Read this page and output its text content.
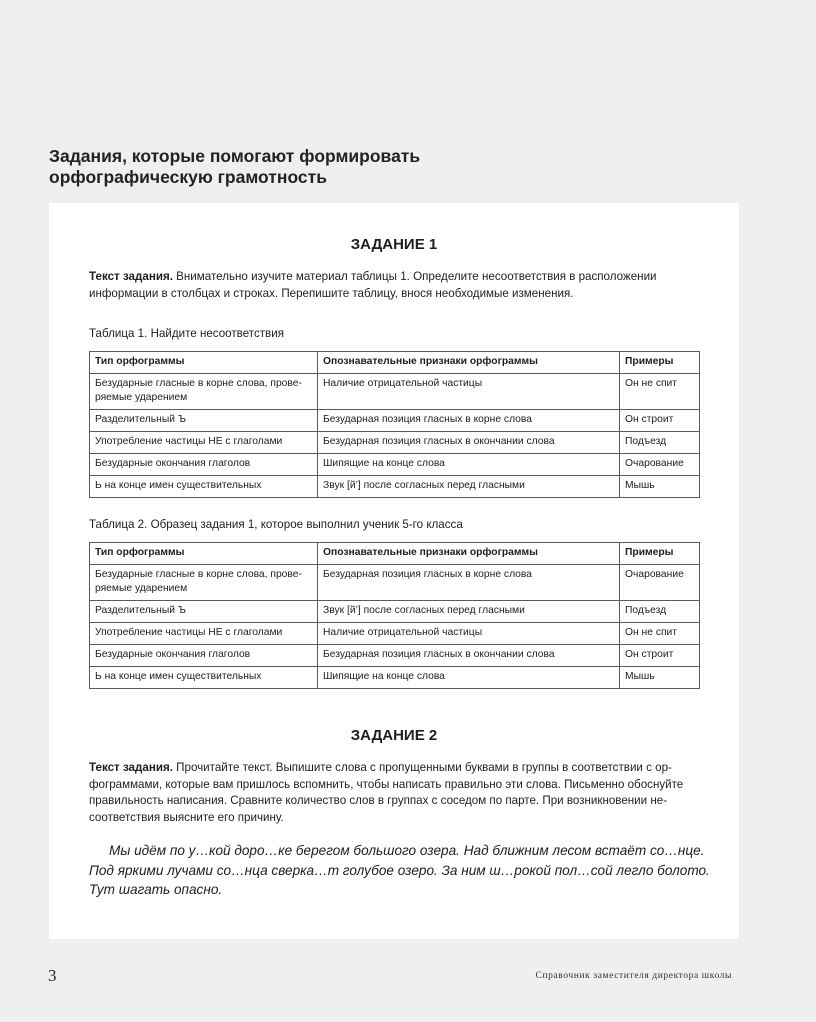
Задания, которые помогают формировать
орфографическую грамотность
ЗАДАНИЕ 1
Текст задания. Внимательно изучите материал таблицы 1. Определите несоответствия в расположении
информации в столбцах и строках. Перепишите таблицу, внося необходимые изменения.
Таблица 1. Найдите несоответствия
Тип орфограммы	Опознавательные признаки орфограммы	Примеры

Безударные гласные в корне слова, прове-
ряемые ударением	Наличие отрицательной частицы	Он не спит
Разделительный Ъ	Безударная позиция гласных в корне слова	Он строит
Употребление частицы НЕ с глаголами	Безударная позиция гласных в окончании слова	Подъезд
Безударные окончания глаголов	Шипящие на конце слова	Очарование
Ь на конце имен существительных	Звук [й’] после согласных перед гласными	Мышь
Таблица 2. Образец задания 1, которое выполнил ученик 5-го класса
Тип орфограммы	Опознавательные признаки орфограммы	Примеры

Безударные гласные в корне слова, прове-
ряемые ударением	Безударная позиция гласных в корне слова	Очарование
Разделительный Ъ	Звук [й’] после согласных перед гласными	Подъезд
Употребление частицы НЕ с глаголами	Наличие отрицательной частицы	Он не спит
Безударные окончания глаголов	Безударная позиция гласных в окончании слова	Он строит
Ь на конце имен существительных	Шипящие на конце слова	Мышь
ЗАДАНИЕ 2
Текст задания. Прочитайте текст. Выпишите слова с пропущенными буквами в группы в соответствии с ор-
фограммами, которые вам пришлось вспомнить, чтобы написать правильно эти слова. Письменно обоснуйте
правильность написания. Сравните количество слов в группах с соседом по парте. При возникновении не-
соответствия выясните его причину.
Мы идём по у…кой доро…ке берегом большого озера. Над ближним лесом встаёт со…нце.
Под яркими лучами со…нца сверка…т голубое озеро. За ним ш…рокой пол…сой легло болото.
Тут шагать опасно.
3	Справочник заместителя директора школы
